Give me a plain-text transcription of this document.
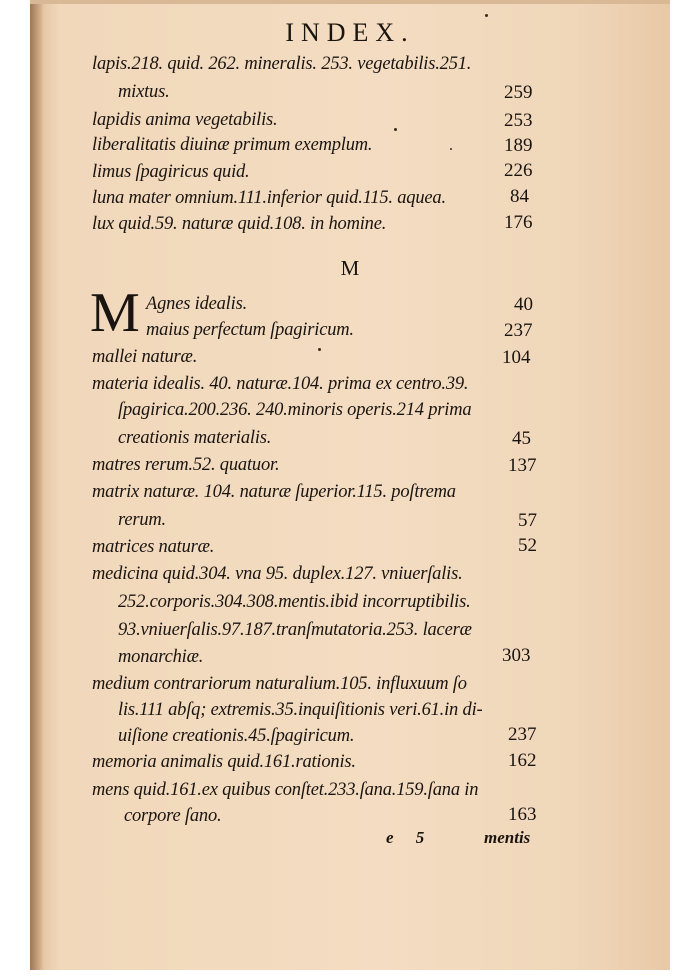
INDEX.
lapis.218. quid. 262. mineralis. 253. vegetabilis.251.
mixtus.	259
lapidis anima vegetabilis.	253
liberalitatis diuinæ primum exemplum.	189
limus ſpagiricus quid.	226
luna mater omnium.111.inferior quid.115. aquea.	84
lux quid.59. naturæ quid.108. in homine.	176
M
M Agnes idealis.	40
maius perfectum ſpagiricum.	237
mallei naturæ.	104
materia idealis. 40. naturæ.104. prima ex centro.39.
ſpagirica.200.236. 240.minoris operis.214 prima
creationis materialis.	45
matres rerum.52. quatuor.	137
matrix naturæ. 104. naturæ ſuperior.115. poſtrema
rerum.	57
matrices naturæ.	52
medicina quid.304. vna 95. duplex.127. vniuerſalis.
252.corporis.304.308.mentis.ibid incorruptibilis.
93.vniuerſalis.97.187.tranſmutatoria.253. laceræ
monarchiæ.	303
medium contrariorum naturalium.105. influxuum ſo
lis.111 abſq; extremis.35.inquiſitionis veri.61.in di-
uiſione creationis.45.ſpagiricum.	237
memoria animalis quid.161.rationis.	162
mens quid.161.ex quibus conſtet.233.ſana.159.ſana in
corpore ſano.	163
e 5	mentis
